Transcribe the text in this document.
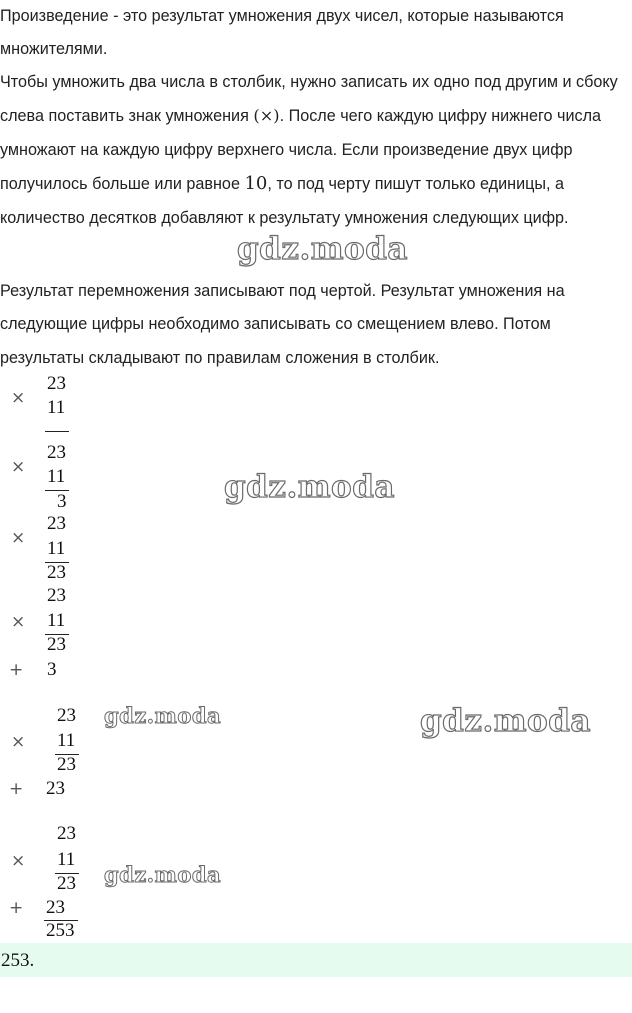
Произведение - это результат умножения двух чисел, которые называются множителями.

Чтобы умножить два числа в столбик, нужно записать их одно под другим и сбоку слева поставить знак умножения (×). После чего каждую цифру нижнего числа умножают на каждую цифру верхнего числа. Если произведение двух цифр получилось больше или равное 10, то под черту пишут только единицы, а количество десятков добавляют к результату умножения следующих цифр.

Результат перемножения записывают под чертой. Результат умножения на следующие цифры необходимо записывать со смещением влево. Потом результаты складывают по правилам сложения в столбик.

23
× 11
23
× 11
3
23
× 11
23
23
× 11
23
+ 3
23
× 11
23
+ 23
23
× 11
23
+ 23
253
253.
gdz.moda
gdz.moda
gdz.moda
gdz.moda
gdz.moda
